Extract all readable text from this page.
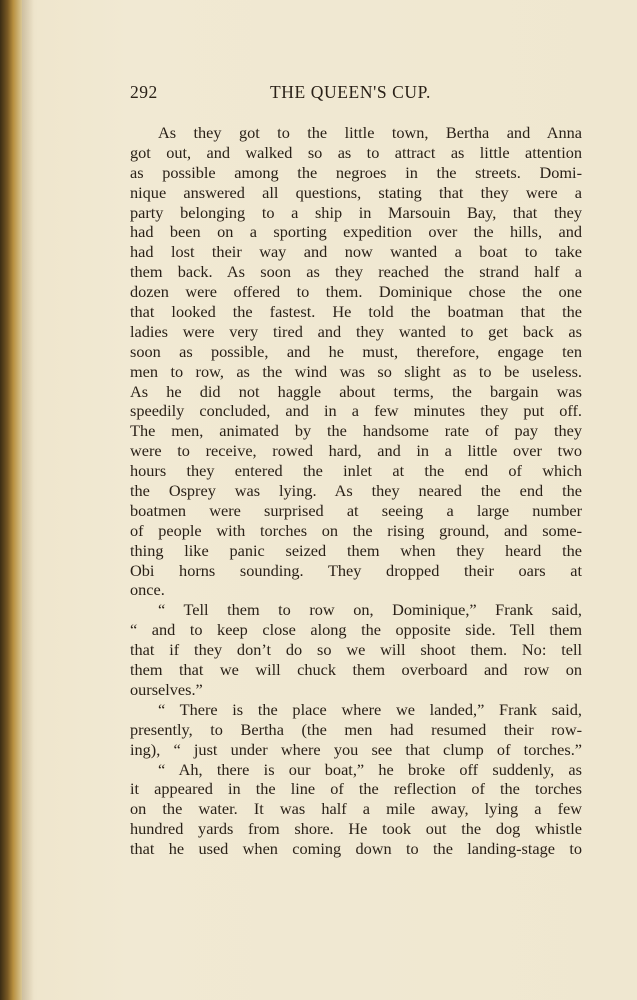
292	THE QUEEN'S CUP.
As they got to the little town, Bertha and Anna
got out, and walked so as to attract as little attention
as possible among the negroes in the streets. Domi-
nique answered all questions, stating that they were a
party belonging to a ship in Marsouin Bay, that they
had been on a sporting expedition over the hills, and
had lost their way and now wanted a boat to take
them back. As soon as they reached the strand half a
dozen were offered to them. Dominique chose the one
that looked the fastest. He told the boatman that the
ladies were very tired and they wanted to get back as
soon as possible, and he must, therefore, engage ten
men to row, as the wind was so slight as to be useless.
As he did not haggle about terms, the bargain was
speedily concluded, and in a few minutes they put off.
The men, animated by the handsome rate of pay they
were to receive, rowed hard, and in a little over two
hours they entered the inlet at the end of which
the Osprey was lying. As they neared the end the
boatmen were surprised at seeing a large number
of people with torches on the rising ground, and some-
thing like panic seized them when they heard the
Obi horns sounding. They dropped their oars at
once.
“ Tell them to row on, Dominique,” Frank said,
“ and to keep close along the opposite side. Tell them
that if they don’t do so we will shoot them. No: tell
them that we will chuck them overboard and row on
ourselves.”
“ There is the place where we landed,” Frank said,
presently, to Bertha (the men had resumed their row-
ing), “ just under where you see that clump of torches.”
“ Ah, there is our boat,” he broke off suddenly, as
it appeared in the line of the reflection of the torches
on the water. It was half a mile away, lying a few
hundred yards from shore. He took out the dog whistle
that he used when coming down to the landing-stage to
